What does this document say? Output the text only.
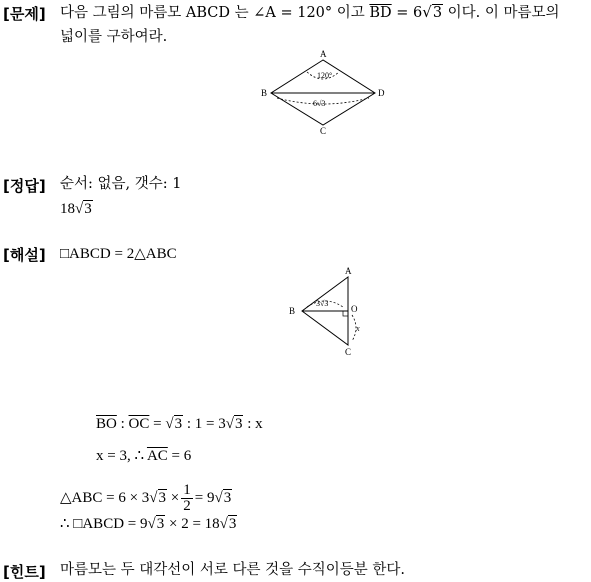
[문제] 다음 그림의 마름모 ABCD 는 ∠A = 120° 이고 $\overline{BD} = 6√3$ 이다. 이 마름모의
넓이를 구하여라.
A
B
C
D
120°
6√3
[정답] 순서: 없음, 갯수: 1
18√3
[해설] □ABCD = 2△ABC
A
B
C
O
3√3
x
$\overline{BO}$ : $\overline{OC} = √3$ : 1 = 3√3 : x
x = 3, ∴ $\overline{AC} = 6$
△ABC = $6 \times 3√3 \times \frac{1}{2} = 9√3$
∴ □ABCD = 9√3 × 2 = 18√3
[힌트] 마름모는 두 대각선이 서로 다른 것을 수직이등분 한다.
